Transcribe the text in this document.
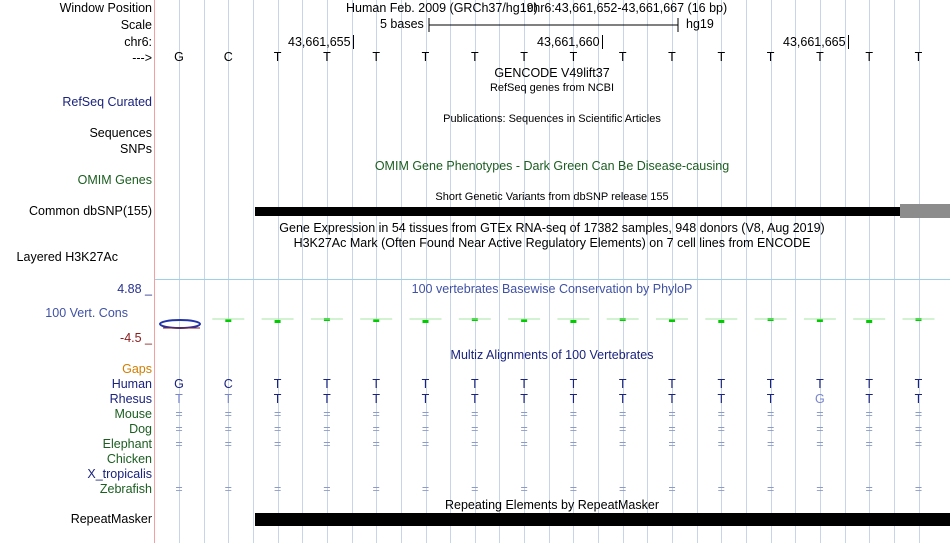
Window Position
Scale
chr6:
--->
Human Feb. 2009 (GRCh37/hg19)
chr6:43,661,652-43,661,667 (16 bp)
5 bases	hg19
43,661,655	43,661,660	43,661,665
G	C	T	T	T	T	T	T	T	T	T	T	T	T	T	T
GENCODE V49lift37
RefSeq genes from NCBI
RefSeq Curated
Sequences
Publications: Sequences in Scientific Articles
SNPs
OMIM Gene Phenotypes - Dark Green Can Be Disease-causing
OMIM Genes
Short Genetic Variants from dbSNP release 155
Common dbSNP(155)
Gene Expression in 54 tissues from GTEx RNA-seq of 17382 samples, 948 donors (V8, Aug 2019)
H3K27Ac Mark (Often Found Near Active Regulatory Elements) on 7 cell lines from ENCODE
Layered H3K27Ac
4.88 _	100 vertebrates Basewise Conservation by PhyloP
100 Vert. Cons
-4.5 _
Multiz Alignments of 100 Vertebrates
Gaps
Human	G	C	T	T	T	T	T	T	T	T	T	T	T	T	T	T
Rhesus	T	T	T	T	T	T	T	T	T	T	T	T	T	G	T	T
Mouse	=	=	=	=	=	=	=	=	=	=	=	=	=	=	=	=
Dog	=	=	=	=	=	=	=	=	=	=	=	=	=	=	=	=
Elephant	=	=	=	=	=	=	=	=	=	=	=	=	=	=	=	=
Chicken
X_tropicalis
Zebrafish	=	=	=	=	=	=	=	=	=	=	=	=	=	=	=	=
Repeating Elements by RepeatMasker
RepeatMasker
